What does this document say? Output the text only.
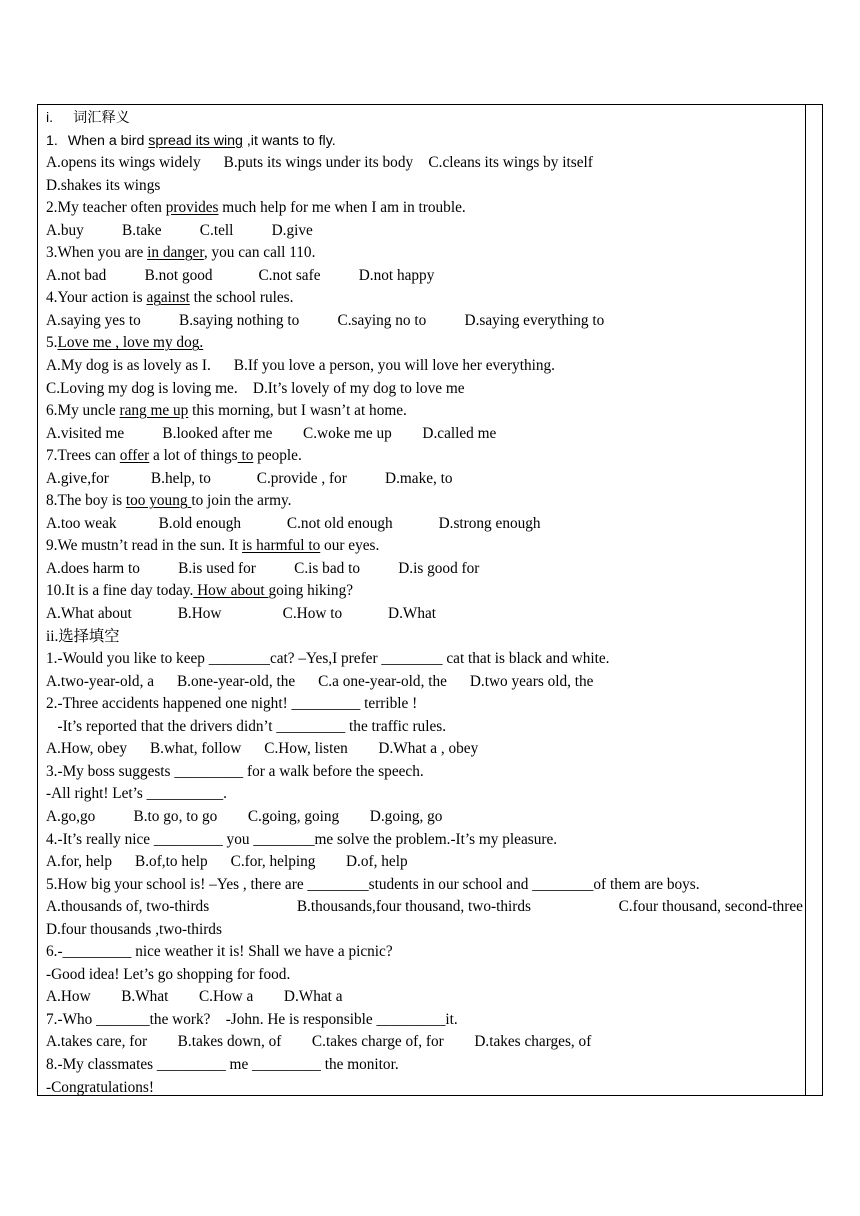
i. 词汇释义
1. When a bird spread its wing ,it wants to fly.
A.opens its wings widely      B.puts its wings under its body    C.cleans its wings by itself
D.shakes its wings
2.My teacher often provides much help for me when I am in trouble.
A.buy          B.take          C.tell          D.give
3.When you are in danger, you can call 110.
A.not bad          B.not good            C.not safe          D.not happy
4.Your action is against the school rules.
A.saying yes to          B.saying nothing to          C.saying no to          D.saying everything to
5.Love me , love my dog.
A.My dog is as lovely as I.      B.If you love a person, you will love her everything.
C.Loving my dog is loving me.    D.It’s lovely of my dog to love me
6.My uncle rang me up this morning, but I wasn’t at home.
A.visited me          B.looked after me        C.woke me up        D.called me
7.Trees can offer a lot of things to people.
A.give,for           B.help, to            C.provide , for          D.make, to
8.The boy is too young to join the army.
A.too weak           B.old enough            C.not old enough            D.strong enough
9.We mustn’t read in the sun. It is harmful to our eyes.
A.does harm to          B.is used for          C.is bad to          D.is good for
10.It is a fine day today. How about going hiking?
A.What about            B.How                C.How to            D.What
ii.选择填空
1.-Would you like to keep ________cat? –Yes,I prefer ________ cat that is black and white.
A.two-year-old, a      B.one-year-old, the      C.a one-year-old, the      D.two years old, the
2.-Three accidents happened one night! _________ terrible !
-It’s reported that the drivers didn’t _________ the traffic rules.
A.How, obey      B.what, follow      C.How, listen        D.What a , obey
3.-My boss suggests _________ for a walk before the speech.
-All right! Let’s __________.
A.go,go          B.to go, to go        C.going, going        D.going, go
4.-It’s really nice _________ you ________me solve the problem.-It’s my pleasure.
A.for, help      B.of,to help      C.for, helping        D.of, help
5.How big your school is! –Yes , there are ________students in our school and ________of them are boys.
A.thousands of, two-thirds	B.thousands,four thousand, two-thirds	C.four thousand, second-three
D.four thousands ,two-thirds
6.-_________ nice weather it is! Shall we have a picnic?
-Good idea! Let’s go shopping for food.
A.How        B.What        C.How a        D.What a
7.-Who _______the work?    -John. He is responsible _________it.
A.takes care, for        B.takes down, of        C.takes charge of, for        D.takes charges, of
8.-My classmates _________ me _________ the monitor.
-Congratulations!
